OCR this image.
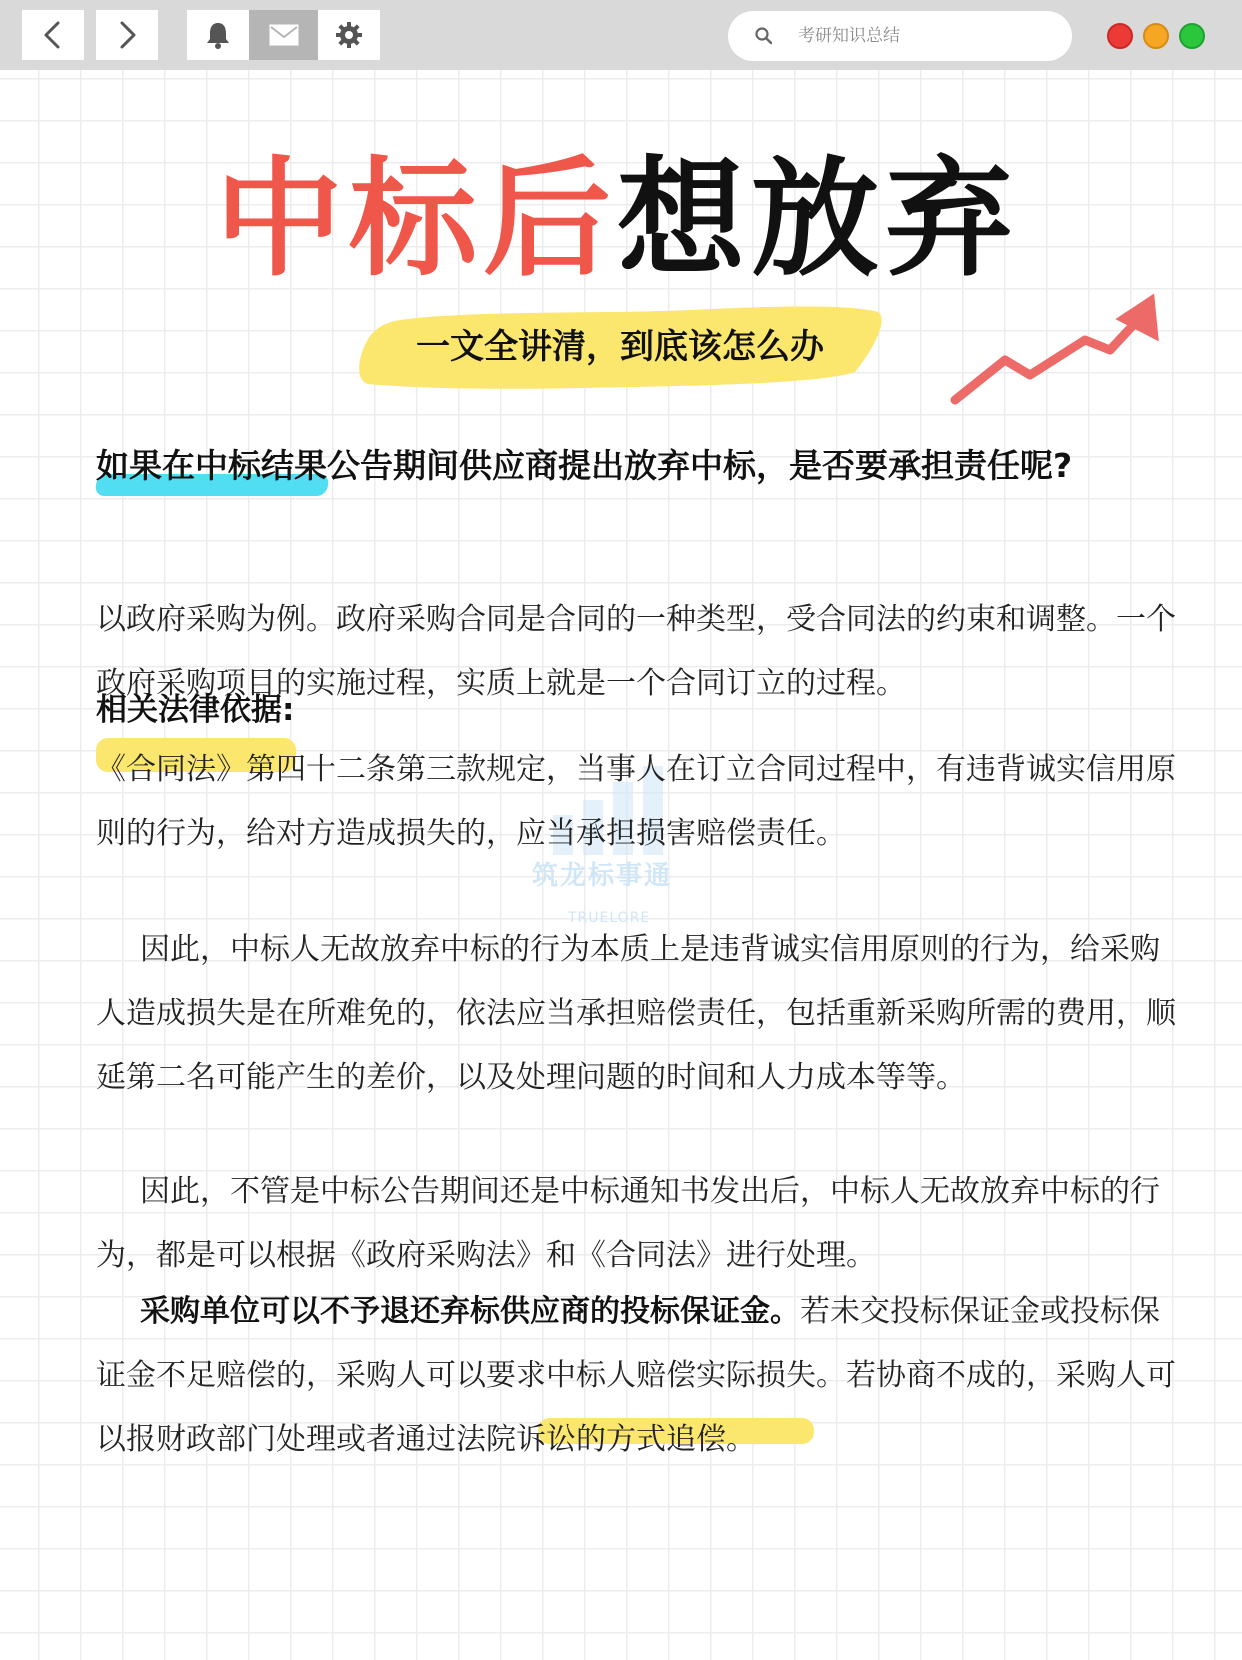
考研知识总结
中标后想放弃
一文全讲清，到底该怎么办
如果在中标结果公告期间供应商提出放弃中标，是否要承担责任呢?

以政府采购为例。政府采购合同是合同的一种类型，受合同法的约束和调整。一个政府采购项目的实施过程，实质上就是一个合同订立的过程。

相关法律依据:
筑龙标事通
TRUELORE

《合同法》第四十二条第三款规定，当事人在订立合同过程中，有违背诚实信用原则的行为，给对方造成损失的，应当承担损害赔偿责任。

因此，中标人无故放弃中标的行为本质上是违背诚实信用原则的行为，给采购人造成损失是在所难免的，依法应当承担赔偿责任，包括重新采购所需的费用，顺延第二名可能产生的差价，以及处理问题的时间和人力成本等等。

因此，不管是中标公告期间还是中标通知书发出后，中标人无故放弃中标的行为，都是可以根据《政府采购法》和《合同法》进行处理。

采购单位可以不予退还弃标供应商的投标保证金。若未交投标保证金或投标保证金不足赔偿的，采购人可以要求中标人赔偿实际损失。若协商不成的，采购人可以报财政部门处理或者通过法院诉讼的方式追偿。
